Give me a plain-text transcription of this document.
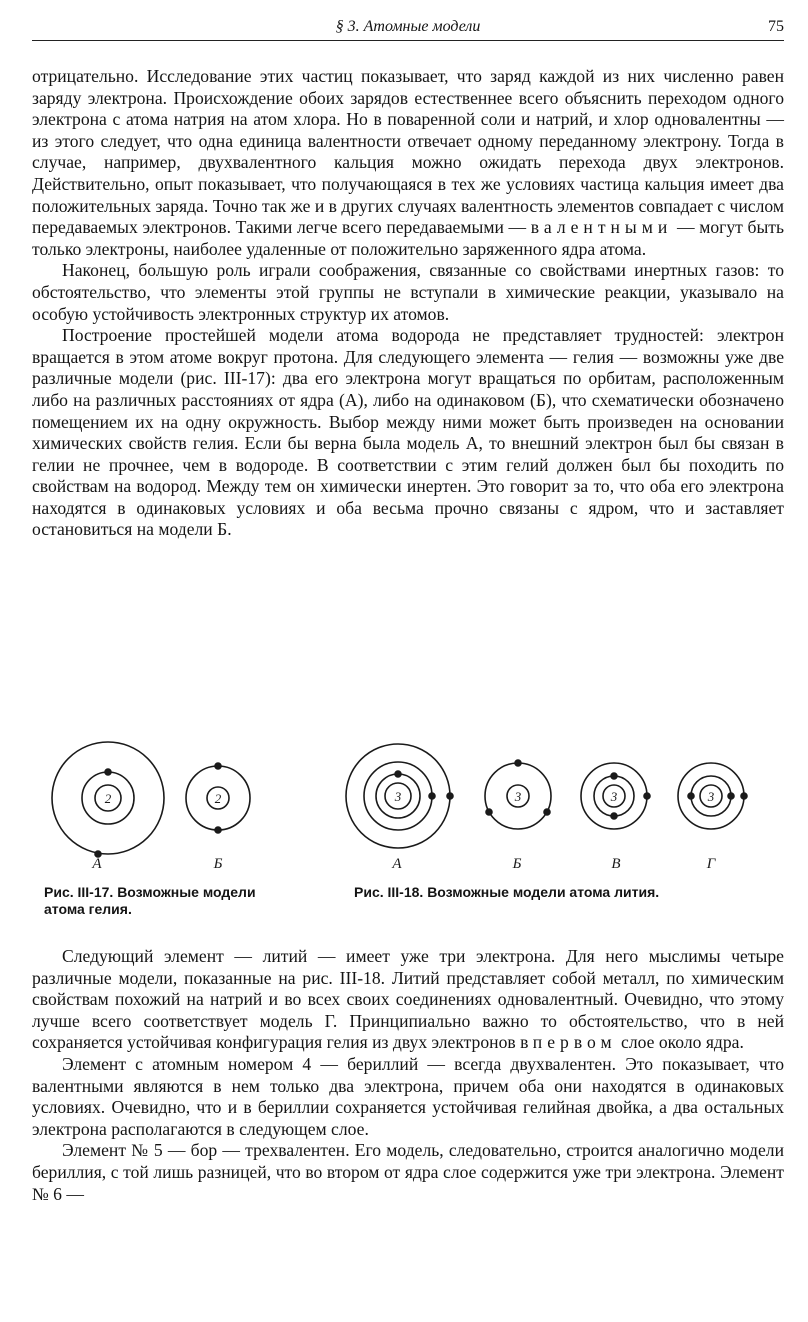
§ 3. Атомные модели	75

отрицательно. Исследование этих частиц показывает, что заряд каждой из них численно равен заряду электрона. Происхождение обоих зарядов естественнее всего объяснить переходом одного электрона с атома натрия на атом хлора. Но в поваренной соли и натрий, и хлор одновалентны — из этого следует, что одна единица валентности отвечает одному переданному электрону. Тогда в случае, например, двухвалентного кальция можно ожидать перехода двух электронов. Действительно, опыт показывает, что получающаяся в тех же условиях частица кальция имеет два положительных заряда. Точно так же и в других случаях валентность элементов совпадает с числом передаваемых электронов. Такими легче всего передаваемыми — валентными — могут быть только электроны, наиболее удаленные от положительно заряженного ядра атома.

Наконец, большую роль играли соображения, связанные со свойствами инертных газов: то обстоятельство, что элементы этой группы не вступали в химические реакции, указывало на особую устойчивость электронных структур их атомов.

Построение простейшей модели атома водорода не представляет трудностей: электрон вращается в этом атоме вокруг протона. Для следующего элемента — гелия — возможны уже две различные модели (рис. III-17): два его электрона могут вращаться по орбитам, расположенным либо на различных расстояниях от ядра (А), либо на одинаковом (Б), что схематически обозначено помещением их на одну окружность. Выбор между ними может быть произведен на основании химических свойств гелия. Если бы верна была модель А, то внешний электрон был бы связан в гелии не прочнее, чем в водороде. В соответствии с этим гелий должен был бы походить по свойствам на водород. Между тем он химически инертен. Это говорит за то, что оба его электрона находятся в одинаковых условиях и оба весьма прочно связаны с ядром, что и заставляет остановиться на модели Б.

2	2	3	3	3	3
А	Б	А	Б	В	Г
Рис. III-17. Возможные модели атома гелия.
Рис. III-18. Возможные модели атома лития.

Следующий элемент — литий — имеет уже три электрона. Для него мыслимы четыре различные модели, показанные на рис. III-18. Литий представляет собой металл, по химическим свойствам похожий на натрий и во всех своих соединениях одновалентный. Очевидно, что этому лучше всего соответствует модель Г. Принципиально важно то обстоятельство, что в ней сохраняется устойчивая конфигурация гелия из двух электронов в первом слое около ядра.

Элемент с атомным номером 4 — бериллий — всегда двухвалентен. Это показывает, что валентными являются в нем только два электрона, причем оба они находятся в одинаковых условиях. Очевидно, что и в бериллии сохраняется устойчивая гелийная двойка, а два остальных электрона располагаются в следующем слое.

Элемент № 5 — бор — трехвалентен. Его модель, следовательно, строится аналогично модели бериллия, с той лишь разницей, что во втором от ядра слое содержится уже три электрона. Элемент № 6 —
